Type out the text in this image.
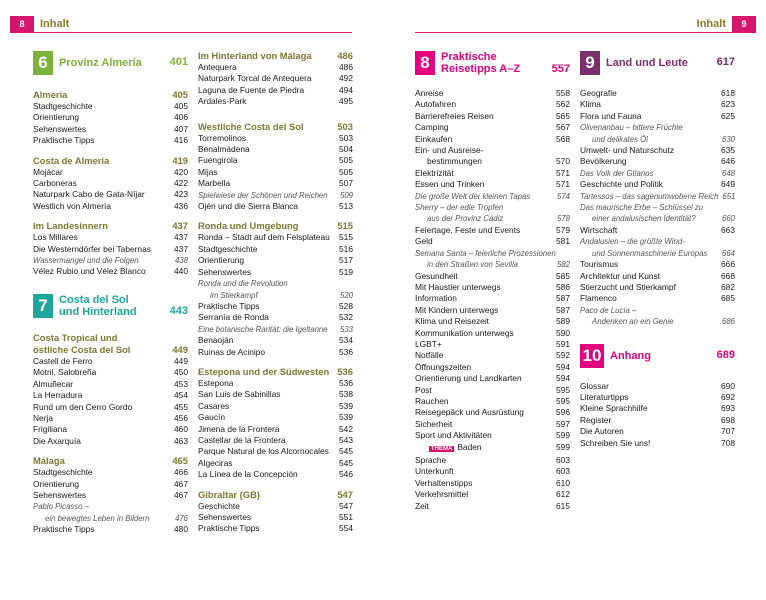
8	Inhalt	Inhalt	9
6	Provinz Almería	401
Almería	405
Stadtgeschichte	405
Orientierung	406
Sehenswertes	407
Praktische Tipps	416
Costa de Almería	419
Mojácar	420
Carboneras	422
Naturpark Cabo de Gata-Níjar	423
Westlich von Almería	436
Im Landesinnern	437
Los Millares	437
Die Westerndörfer bei Tabernas	437
Wassermangel und die Folgen	438
Vélez Rubio und Vélez Blanco	440
7	Costa del Sol
und Hinterland	443
Costa Tropical und
östliche Costa del Sol	449
Castell de Ferro	449
Motril, Salobreña	450
Almuñecar	453
La Herradura	454
Rund um den Cerro Gordo	455
Nerja	456
Frigiliana	460
Die Axarquía	463
Málaga	465
Stadtgeschichte	466
Orientierung	467
Sehenswertes	467
Pablo Picasso –
ein bewegtes Leben in Bildern	476
Praktische Tipps	480
Im Hinterland von Málaga	486
Antequera	486
Naturpark Torcal de Antequera	492
Laguna de Fuente de Piedra	494
Ardales-Park	495
Westliche Costa del Sol	503
Torremolinos	503
Benalmádena	504
Fuengirola	505
Mijas	505
Marbella	507
Spielwiese der Schönen und Reichen 509
Ojén und die Sierra Blanca	513
Ronda und Umgebung	515
Ronda – Stadt auf dem Felsplateau 515
Stadtgeschichte	516
Orientierung	517
Sehenswertes	519
Ronda und die Revolution
im Stierkampf	520
Praktische Tipps	528
Serranía de Ronda	532
Eine botanische Rarität: die Igeltanne 533
Benaoján	534
Ruinas de Acinipo	536
Estepona und der Südwesten 536
Estepona	536
San Luis de Sabinillas	538
Casares	539
Gaucín	539
Jimena de la Frontera	542
Castellar de la Frontera	543
Parque Natural de los Alcornocales 545
Algeciras	545
La Línea de la Concepción	546
Gibraltar (GB)	547
Geschichte	547
Sehenswertes	551
Praktische Tipps	554
8	Praktische
Reisetipps A–Z	557
Anreise	558
Autofahren	562
Barrierefreies Reisen	565
Camping	567
Einkaufen	568
Ein- und Ausreise-
bestimmungen	570
Elektrizität	571
Essen und Trinken	571
Die große Welt der kleinen Tapas	574
Sherry – der edle Tropfen
aus der Provinz Cádiz	578
Feiertage, Feste und Events	579
Geld	581
Semana Santa – feierliche Prozessionen
in den Straßen von Sevilla	582
Gesundheit	585
Mit Haustier unterwegs	586
Information	587
Mit Kindern unterwegs	587
Klima und Reisezeit	589
Kommunikation unterwegs	590
LGBT+	591
Notfälle	592
Öffnungszeiten	594
Orientierung und Landkarten	594
Post	595
Rauchen	595
Reisegepäck und Ausrüstung	596
Sicherheit	597
Sport und Aktivitäten	599
THEMA Baden	599
Sprache	603
Unterkunft	603
Verhaltenstipps	610
Verkehrsmittel	612
Zeit	615
9	Land und Leute	617
Geografie	618
Klima	623
Flora und Fauna	625
Olivenanbau – bittere Früchte
und delikates Öl	630
Umwelt- und Naturschutz	635
Bevölkerung	646
Das Volk der Gitanos	648
Geschichte und Politik	649
Tartessos – das sagenumwobene Reich 651
Das maurische Erbe – Schlüssel zu
einer andalusischen Identität?	660
Wirtschaft	663
Andalusien – die größte Wind-
und Sonnenmaschinerie Europas 664
Tourismus	666
Architektur und Kunst	668
Stierzucht und Stierkampf	682
Flamenco	685
Paco de Lucía –
Andenken an ein Genie	686
10 Anhang	689
Glossar	690
Literaturtipps	692
Kleine Sprachhilfe	693
Register	698
Die Autoren	707
Schreiben Sie uns!	708
